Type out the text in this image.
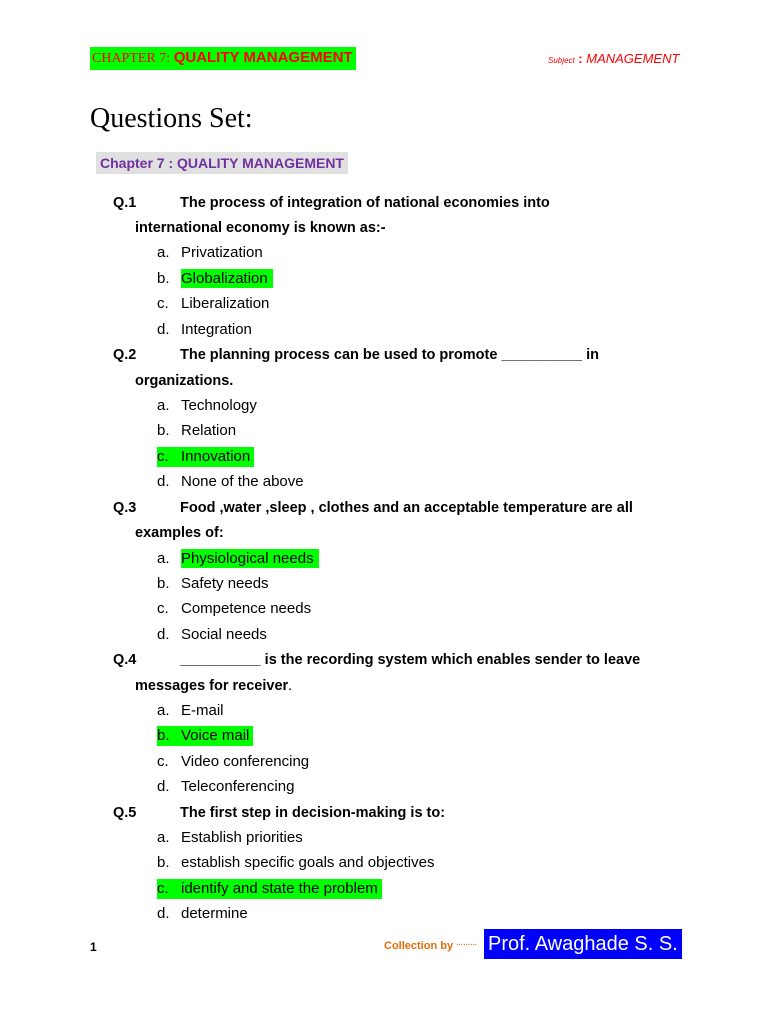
CHAPTER 7: QUALITY MANAGEMENT	Subject : MANAGEMENT
Questions Set:
Chapter 7 : QUALITY MANAGEMENT
Q.1	The process of integration of national economies into
international economy is known as:-
a. Privatization
b. Globalization
c. Liberalization
d. Integration
Q.2	The planning process can be used to promote __________ in
organizations.
a. Technology
b. Relation
c. Innovation
d. None of the above
Q.3	Food ,water ,sleep , clothes and an acceptable temperature are all
examples of:
a. Physiological needs
b. Safety needs
c. Competence needs
d. Social needs
Q.4	__________ is the recording system which enables sender to leave
messages for receiver.
a. E-mail
b. Voice mail
c. Video conferencing
d. Teleconferencing
Q.5	The first step in decision-making is to:
a. Establish priorities
b. establish specific goals and objectives
c. identify and state the problem
d. determine
1	Collection by ……… Prof. Awaghade S. S.
